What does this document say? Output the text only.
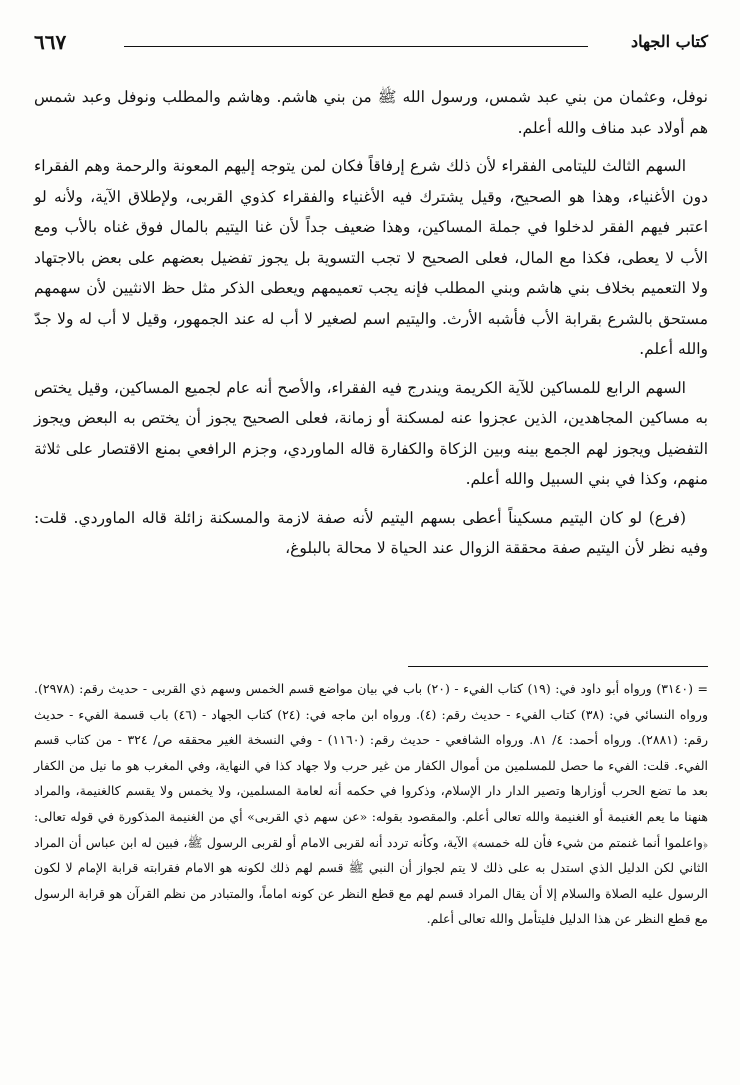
٦٦٧	كتاب الجهاد

نوفل، وعثمان من بني عبد شمس، ورسول الله ﷺ من بني هاشم. وهاشم والمطلب ونوفل وعبد شمس هم أولاد عبد مناف والله أعلم.

السهم الثالث لليتامى الفقراء لأن ذلك شرع إرفاقاً فكان لمن يتوجه إليهم المعونة والرحمة وهم الفقراء دون الأغنياء، وهذا هو الصحيح، وقيل يشترك فيه الأغنياء والفقراء كذوي القربى، ولإطلاق الآية، ولأنه لو اعتبر فيهم الفقر لدخلوا في جملة المساكين، وهذا ضعيف جداً لأن غنا اليتيم بالمال فوق غناه بالأب ومع الأب لا يعطى، فكذا مع المال، فعلى الصحيح لا تجب التسوية بل يجوز تفضيل بعضهم على بعض بالاجتهاد ولا التعميم بخلاف بني هاشم وبني المطلب فإنه يجب تعميمهم ويعطى الذكر مثل حظ الانثيين لأن سهمهم مستحق بالشرع بقرابة الأب فأشبه الأرث. واليتيم اسم لصغير لا أب له عند الجمهور، وقيل لا أب له ولا جدّ والله أعلم.

السهم الرابع للمساكين للآية الكريمة ويندرج فيه الفقراء، والأصح أنه عام لجميع المساكين، وقيل يختص به مساكين المجاهدين، الذين عجزوا عنه لمسكنة أو زمانة، فعلى الصحيح يجوز أن يختص به البعض ويجوز التفضيل ويجوز لهم الجمع بينه وبين الزكاة والكفارة قاله الماوردي، وجزم الرافعي بمنع الاقتصار على ثلاثة منهم، وكذا في بني السبيل والله أعلم.

(فرع) لو كان اليتيم مسكيناً أعطى بسهم اليتيم لأنه صفة لازمة والمسكنة زائلة قاله الماوردي. قلت: وفيه نظر لأن اليتيم صفة محققة الزوال عند الحياة لا محالة بالبلوغ،

= (٣١٤٠) ورواه أبو داود في: (١٩) كتاب الفيء - (٢٠) باب في بيان مواضع قسم الخمس وسهم ذي القربى - حديث رقم: (٢٩٧٨). ورواه النسائي في: (٣٨) كتاب الفيء - حديث رقم: (٤). ورواه ابن ماجه في: (٢٤) كتاب الجهاد - (٤٦) باب قسمة الفيء - حديث رقم: (٢٨٨١). ورواه أحمد: ٤/ ٨١. ورواه الشافعي - حديث رقم: (١١٦٠) - وفي النسخة الغير محققه ص/ ٣٢٤ - من كتاب قسم الفيء. قلت: الفيء ما حصل للمسلمين من أموال الكفار من غير حرب ولا جهاد كذا في النهاية، وفي المغرب هو ما نيل من الكفار بعد ما تضع الحرب أوزارها وتصير الدار دار الإسلام، وذكروا في حكمه أنه لعامة المسلمين، ولا يخمس ولا يقسم كالغنيمة، والمراد هنهنا ما يعم الغنيمة أو الغنيمة والله تعالى أعلم. والمقصود بقوله: «عن سهم ذي القربى» أي من الغنيمة المذكورة في قوله تعالى: ﴿واعلموا أنما غنمتم من شيء فأن لله خمسه﴾ الآية، وكأنه تردد أنه لقربى الامام أو لقربى الرسول ﷺ، فبين له ابن عباس أن المراد الثاني لكن الدليل الذي استدل به على ذلك لا يتم لجواز أن النبي ﷺ قسم لهم ذلك لكونه هو الامام فقرابته قرابة الإمام لا لكون الرسول عليه الصلاة والسلام إلا أن يقال المراد قسم لهم مع قطع النظر عن كونه اماماً، والمتبادر من نظم القرآن هو قرابة الرسول مع قطع النظر عن هذا الدليل فليتأمل والله تعالى أعلم.
